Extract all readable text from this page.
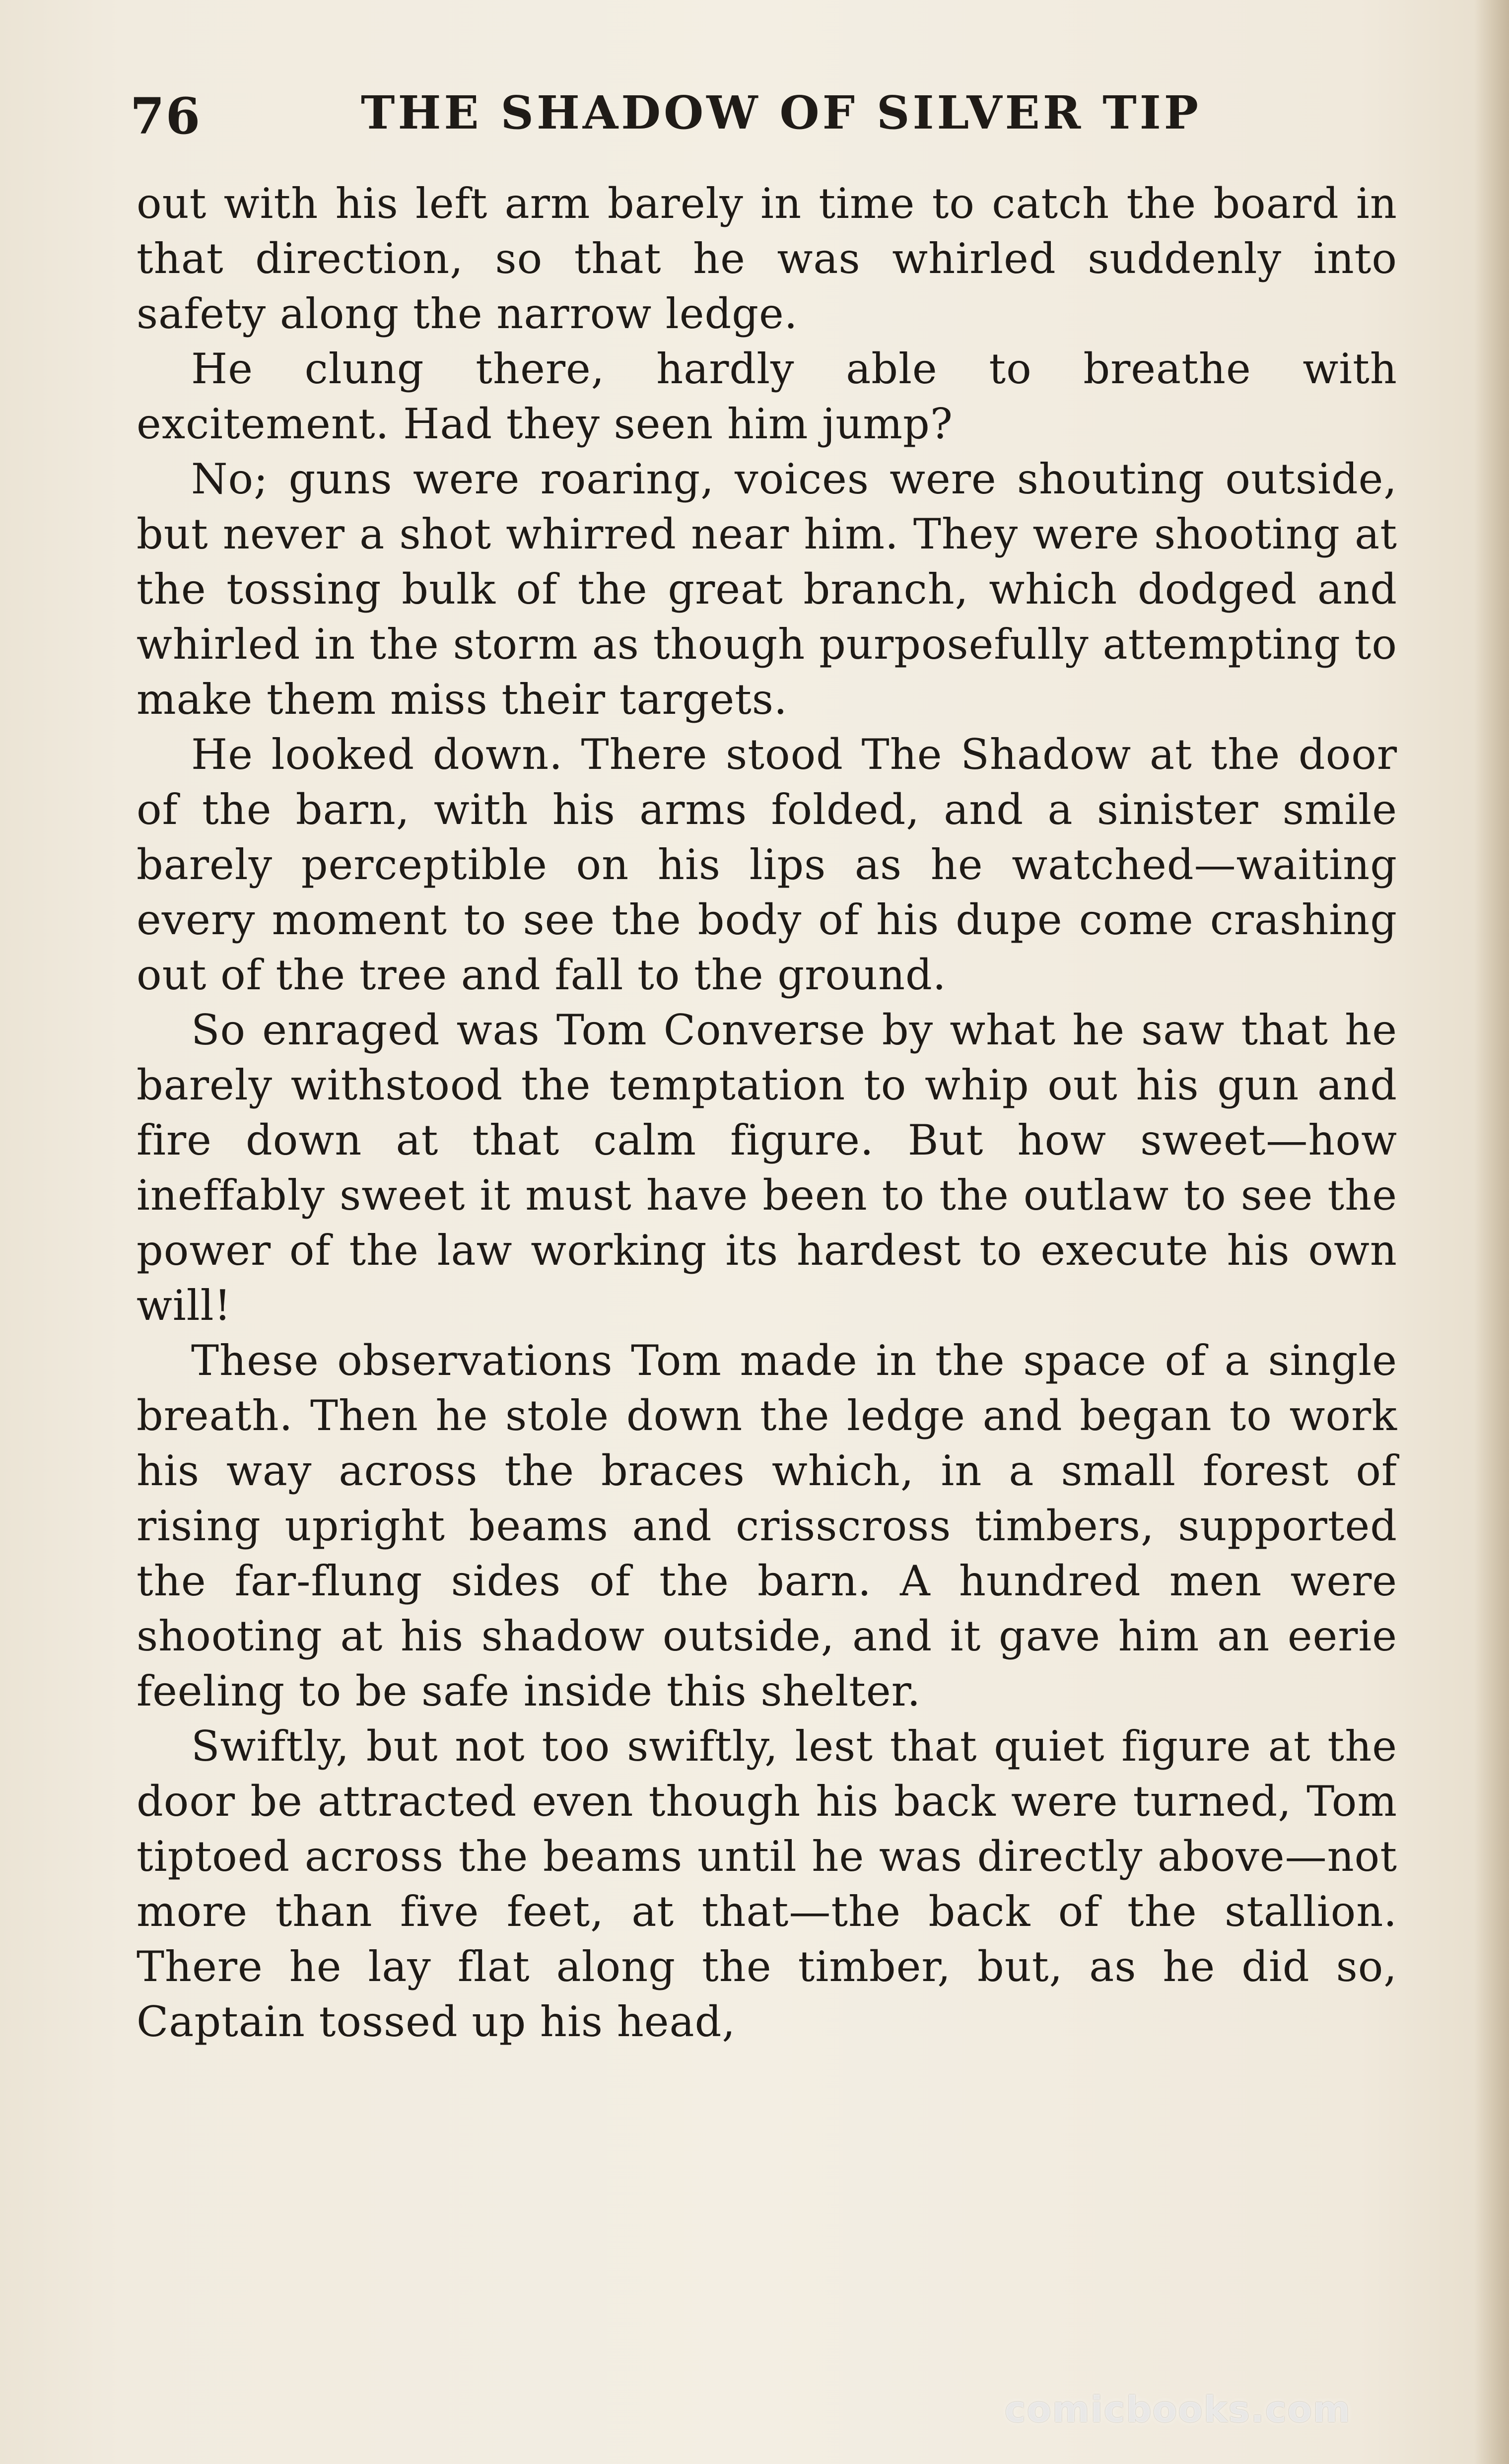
76	THE SHADOW OF SILVER TIP

out with his left arm barely in time to catch the board in that direction, so that he was whirled suddenly into safety along the narrow ledge.

He clung there, hardly able to breathe with excitement. Had they seen him jump?

No; guns were roaring, voices were shouting outside, but never a shot whirred near him. They were shooting at the tossing bulk of the great branch, which dodged and whirled in the storm as though purposefully attempting to make them miss their targets.

He looked down. There stood The Shadow at the door of the barn, with his arms folded, and a sinister smile barely perceptible on his lips as he watched—waiting every moment to see the body of his dupe come crashing out of the tree and fall to the ground.

So enraged was Tom Converse by what he saw that he barely withstood the temptation to whip out his gun and fire down at that calm figure. But how sweet—how ineffably sweet it must have been to the outlaw to see the power of the law working its hardest to execute his own will!

These observations Tom made in the space of a single breath. Then he stole down the ledge and began to work his way across the braces which, in a small forest of rising upright beams and crisscross timbers, supported the far-flung sides of the barn. A hundred men were shooting at his shadow outside, and it gave him an eerie feeling to be safe inside this shelter.

Swiftly, but not too swiftly, lest that quiet figure at the door be attracted even though his back were turned, Tom tiptoed across the beams until he was directly above—not more than five feet, at that—the back of the stallion. There he lay flat along the timber, but, as he did so, Captain tossed up his head,

comicbooks.com
